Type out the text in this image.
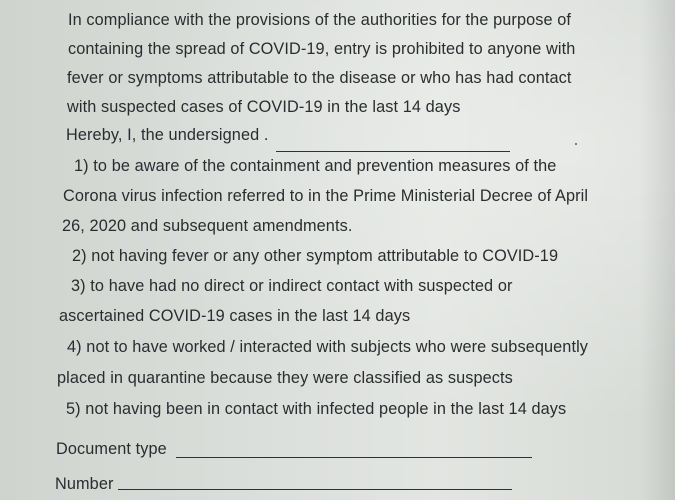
In compliance with the provisions of the authorities for the purpose of
containing the spread of COVID-19, entry is prohibited to anyone with
fever or symptoms attributable to the disease or who has had contact
with suspected cases of COVID-19 in the last 14 days
Hereby, I, the undersigned .
1) to be aware of the containment and prevention measures of the
Corona virus infection referred to in the Prime Ministerial Decree of April
26, 2020 and subsequent amendments.
2) not having fever or any other symptom attributable to COVID-19
3) to have had no direct or indirect contact with suspected or
ascertained COVID-19 cases in the last 14 days
4) not to have worked / interacted with subjects who were subsequently
placed in quarantine because they were classified as suspects
5) not having been in contact with infected people in the last 14 days
Document type
Number
